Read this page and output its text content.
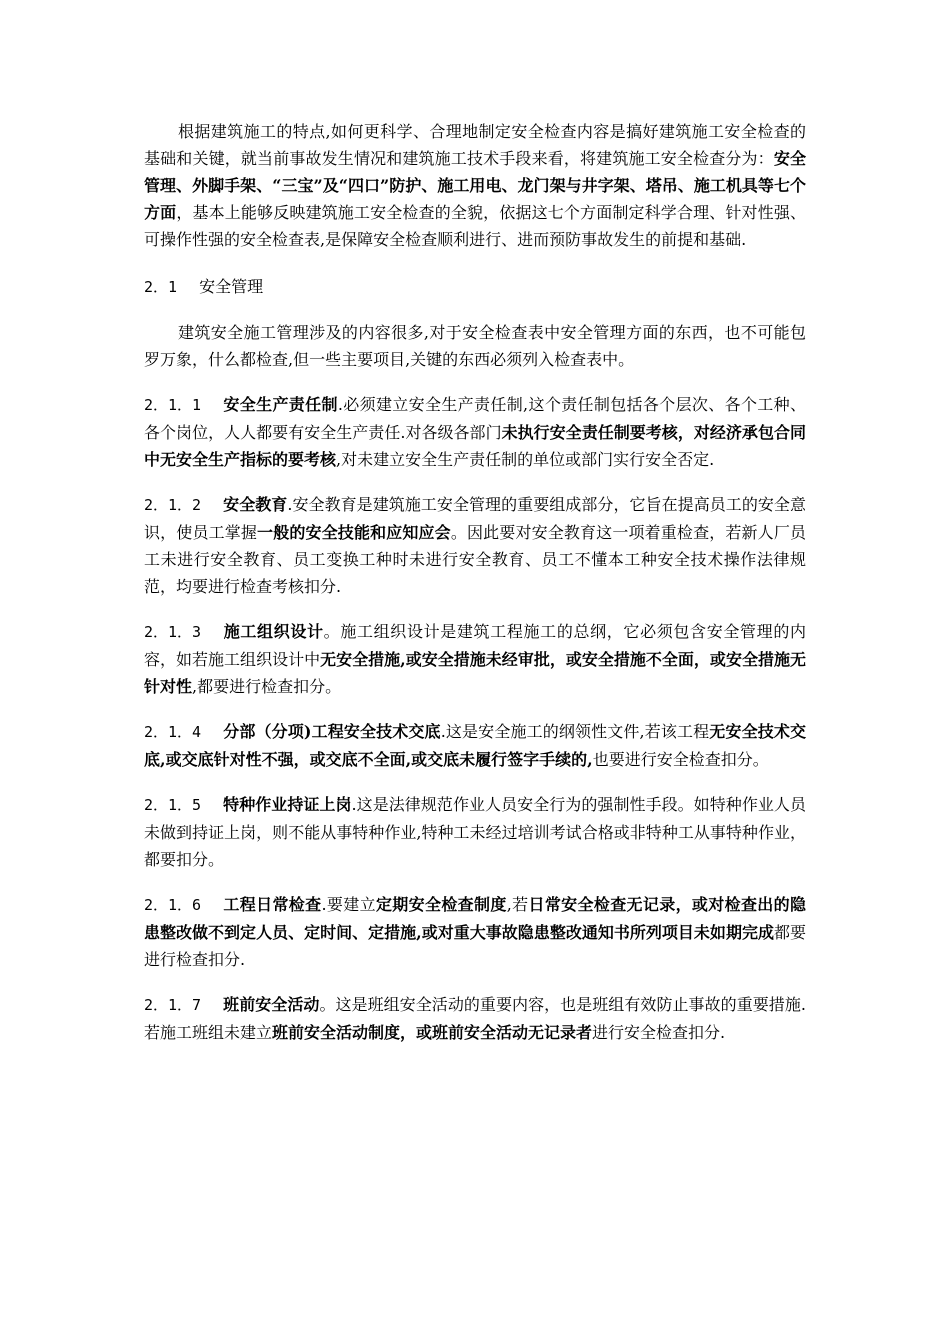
根据建筑施工的特点,如何更科学、合理地制定安全检查内容是搞好建筑施工安全检查的基础和关键，就当前事故发生情况和建筑施工技术手段来看，将建筑施工安全检查分为：安全管理、外脚手架、“三宝”及“四口”防护、施工用电、龙门架与井字架、塔吊、施工机具等七个方面，基本上能够反映建筑施工安全检查的全貌，依据这七个方面制定科学合理、针对性强、可操作性强的安全检查表,是保障安全检查顺利进行、进而预防事故发生的前提和基础.

2．1 安全管理

建筑安全施工管理涉及的内容很多,对于安全检查表中安全管理方面的东西，也不可能包罗万象，什么都检查,但一些主要项目,关键的东西必须列入检查表中。

2．1．1 安全生产责任制.必须建立安全生产责任制,这个责任制包括各个层次、各个工种、各个岗位，人人都要有安全生产责任.对各级各部门未执行安全责任制要考核，对经济承包合同中无安全生产指标的要考核,对未建立安全生产责任制的单位或部门实行安全否定.

2．1．2 安全教育.安全教育是建筑施工安全管理的重要组成部分，它旨在提高员工的安全意识，使员工掌握一般的安全技能和应知应会。因此要对安全教育这一项着重检查，若新人厂员工未进行安全教育、员工变换工种时未进行安全教育、员工不懂本工种安全技术操作法律规范，均要进行检查考核扣分.

2．1．3 施工组织设计。施工组织设计是建筑工程施工的总纲，它必须包含安全管理的内容，如若施工组织设计中无安全措施,或安全措施未经审批，或安全措施不全面，或安全措施无针对性,都要进行检查扣分。

2．1．4 分部（分项)工程安全技术交底.这是安全施工的纲领性文件,若该工程无安全技术交底,或交底针对性不强，或交底不全面,或交底未履行签字手续的,也要进行安全检查扣分。

2．1．5 特种作业持证上岗.这是法律规范作业人员安全行为的强制性手段。如特种作业人员未做到持证上岗，则不能从事特种作业,特种工未经过培训考试合格或非特种工从事特种作业，都要扣分。

2．1．6 工程日常检查.要建立定期安全检查制度,若日常安全检查无记录，或对检查出的隐患整改做不到定人员、定时间、定措施,或对重大事故隐患整改通知书所列项目未如期完成都要进行检查扣分.

2．1．7 班前安全活动。这是班组安全活动的重要内容，也是班组有效防止事故的重要措施.若施工班组未建立班前安全活动制度，或班前安全活动无记录者进行安全检查扣分.
